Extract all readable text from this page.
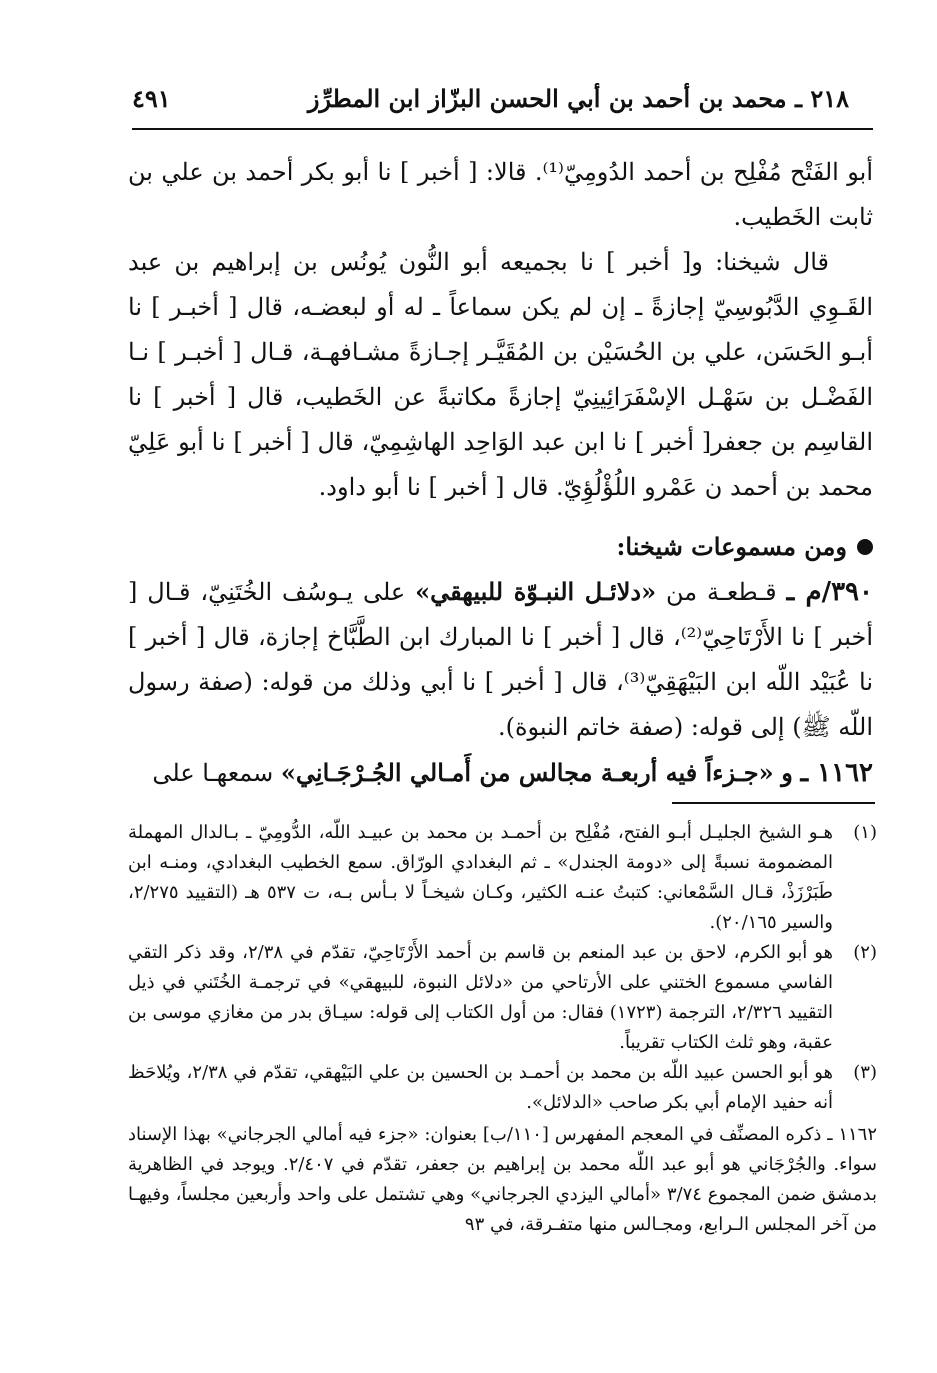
٢١٨ ـ محمد بن أحمد بن أبي الحسن البزّاز ابن المطرِّز
٤٩١

أبو الفَتْح مُفْلِح بن أحمد الدُومِيّ⁽¹⁾. قالا: [ أخبر ] نا أبو بكر أحمد بن علي بن ثابت الخَطيب.

قال شيخنا: و[ أخبر ] نا بجميعه أبو النُّون يُونُس بن إبراهيم بن عبد القَـوِي الدَّبُوسِيّ إجازةً ـ إن لم يكن سماعاً ـ له أو لبعضـه، قال [ أخبـر ] نا أبـو الحَسَن، علي بن الحُسَيْن بن المُقَيَّـر إجـازةً مشـافهـة، قـال [ أخبـر ] نـا الفَضْـل بن سَهْـل الإسْفَرَائِينِيّ إجازةً مكاتبةً عن الخَطيب، قال [ أخبر ] نا القاسِم بن جعفر[ أخبر ] نا ابن عبد الوَاحِد الهاشِمِيّ، قال [ أخبر ] نا أبو عَلِيّ محمد بن أحمد ن عَمْرو اللُؤْلُؤِيّ. قال [ أخبر ] نا أبو داود.

ومن مسموعات شيخنا:

٣٩٠/م ـ قـطعـة من «دلائـل النبـوّة للبيهقي» على يـوسُف الخُتَنِيّ، قـال [ أخبر ] نا الأَرْتَاحِيّ⁽²⁾، قال [ أخبر ] نا المبارك ابن الطَّبَّاخ إجازة، قال [ أخبر ] نا عُبَيْد اللّه ابن البَيْهَقِيّ⁽³⁾، قال [ أخبر ] نا أبي وذلك من قوله: (صفة رسول اللّه ﷺ) إلى قوله: (صفة خاتم النبوة).

١١٦٢ ـ و «جـزءاً فيه أربعـة مجالس من أَمـالي الجُـرْجَـانِي» سمعهـا على

(١)
هـو الشيخ الجليـل أبـو الفتح، مُفْلِح بن أحمـد بن محمد بن عبيـد اللّه، الدُّومِيّ ـ بـالدال المهملة المضمومة نسبةً إلى «دومة الجندل» ـ ثم البغدادي الورّاق. سمع الخطيب البغدادي، ومنـه ابن طَبَرْزَذْ، قـال السَّمْعاني: كتبتُ عنـه الكثير، وكـان شيخـاً لا بـأس بـه، ت ٥٣٧ هـ (التقييد ٢/٢٧٥، والسير ٢٠/١٦٥).
(٢)
هو أبو الكرم، لاحق بن عبد المنعم بن قاسم بن أحمد الأَرْتَاحِيّ، تقدّم في ٢/٣٨، وقد ذكر التقي الفاسي مسموع الختني على الأرتاحي من «دلائل النبوة، للبيهقي» في ترجمـة الخُتَني في ذيل التقييد ٢/٣٢٦، الترجمة (١٧٢٣) فقال: من أول الكتاب إلى قوله: سيـاق بدر من مغازي موسى بن عقبة، وهو ثلث الكتاب تقريباً.
(٣)
هو أبو الحسن عبيد اللّه بن محمد بن أحمـد بن الحسين بن علي البَيْهقي، تقدّم في ٢/٣٨، ويُلاحَظ أنه حفيد الإمام أبي بكر صاحب «الدلائل».
١١٦٢ ـ ذكره المصنِّف في المعجم المفهرس [١١٠/ب] بعنوان: «جزء فيه أمالي الجرجاني» بهذا الإسناد سواء. والجُرْجَاني هو أبو عبد اللّه محمد بن إبراهيم بن جعفر، تقدّم في ٢/٤٠٧. ويوجد في الظاهرية بدمشق ضمن المجموع ٣/٧٤ «أمالي اليزدي الجرجاني» وهي تشتمل على واحد وأربعين مجلساً، وفيهـا من آخر المجلس الـرابع، ومجـالس منها متفـرقة، في ٩٣
